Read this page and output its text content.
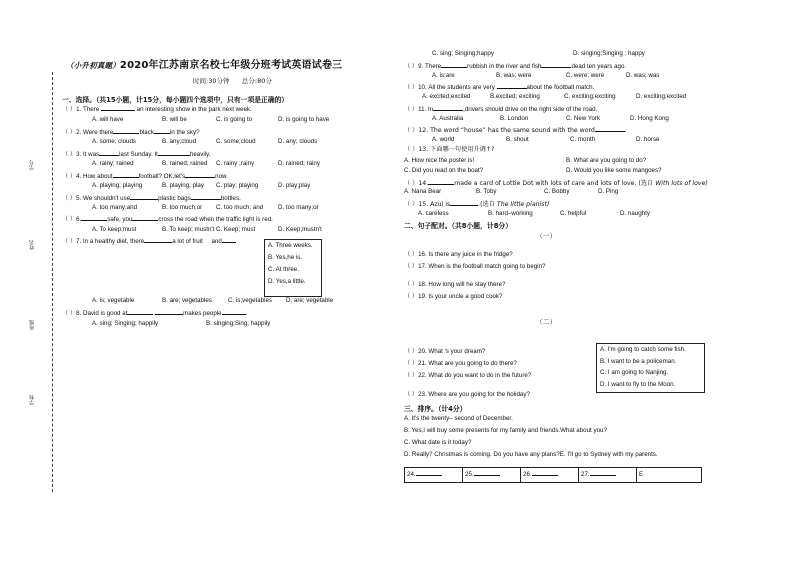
学号
姓名
班级
学校
（小升初真题）2020年江苏南京名校七年级分班考试英语试卷三
时间:30分钟 总分:80分
一、选择。（共15小题，计15分，每小题四个选项中，只有一项是正确的）
（ ）1. There	an interesting show in the park next week.
A. will have	B. will be	C. is going to	D. is going to have
（ ）2. Were there	black	in the sky?
A. some; clouds	B. any;cloud	C. some;cloud	D. any; clouds
（ ）3. It was	last Sunday. It	heavily.
A. rainy; rained	B. rained; rained C. rainy ;rainy	D. rained; rainy
（ ）4. How about	football? OK,let's	now.
A. playing; playing	B. playing; play C. play; playing	D. play;play
（ ）5. We shouldn't use	plastic bags	bottles.
A. too many;and	B. too much;or C. too much; and D. too many;or
（ ）6.	safe, you	cross the road when the traffic light is red.
A. To keep;must	B. To keep; mustn't C. Keep; must	D. Keep;mustn't
（ ）7. In a healthy diet, there	a lot of fruit and
A. Three weeks.
B. Yes,he is.
C. At three.
D. Yes,a little.
A. is; vegetable	B. are; vegetables	C. is;vegetables D. are; vegetable
（ ）8. David is good at	.	makes people	.
A. sing; Singing; happily	B. singing;Sing; happily
C. sing; Singing;happy	D. singing;Singing ; happy
（ ）9. There	rubbish in the river and fish	dead ten years ago.
A. is;are	B. was; were	C. were; were	D. was; was
（ ）10. All the students are very	about the football match.
A. excited;excited	B.excited; exciting	C. exciting;exciting	D. exciting;excited
（ ）11. In	,drivers should drive on the right side of the road.
A. Australia	B. London	C. New York	D. Hong Kong
（ ）12. The word “house” has the same sound with the word	.
A. world	B. shout	C. month	D. horse
（ ）13. 下面哪一句使用升调↑?
A. How nice the poster is!	B. What are you going to do?
C. Did you read on the boat?	D. Would you like some mangoes?
（ ）14.	made a card of Lottie Dot with lots of care and lots of love. (选自 With lots of love)
A. Nana Bear	B. Toby	C. Bobby	D. Ping
（ ）15. Azul is	.(选自 The little pianist)
A. careless	B. hard–working	C. helpful	D. naughty
二、句子配对。（共8小题，计8分）
（一）
（ ）16. Is there any juice in the fridge?
（ ）17. When is the football match going to begin?
（ ）18. How long will he stay there?
（ ）19. Is your uncle a good cook?
（二）
（ ）20. What 's your dream?
（ ）21. What are you going to do there?
（ ）22. What do you want to do in the future?
（ ）23. Where are you going for the holiday?
A. I'm going to catch some fish.
B. I want to be a policeman.
C. I am going to Nanjing.
D. I want to fly to the Moon.
三、排序。（计4分）
A. It's the twenty– second of December.
B. Yes,I will buy some presents for my family and friends.What about you?
C. What date is it today?
D. Really? Christmas is coming. Do you have any plans?E. I'll go to Sydney with my parents.
24.	25.	26.	27.	E
